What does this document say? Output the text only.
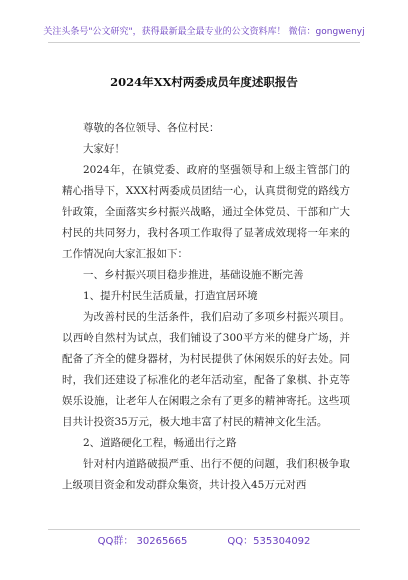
关注头条号"公文研究"，获得最新最全最专业的公文资料库！ 微信：gongwenyj
2024年XX村两委成员年度述职报告

尊敬的各位领导、各位村民：

大家好！

2024年，在镇党委、政府的坚强领导和上级主管部门的精心指导下，XXX村两委成员团结一心，认真贯彻党的路线方针政策，全面落实乡村振兴战略，通过全体党员、干部和广大村民的共同努力，我村各项工作取得了显著成效现将一年来的工作情况向大家汇报如下：

一、乡村振兴项目稳步推进，基础设施不断完善

1、提升村民生活质量，打造宜居环境

为改善村民的生活条件，我们启动了多项乡村振兴项目。以西岭自然村为试点，我们铺设了300平方米的健身广场，并配备了齐全的健身器材，为村民提供了休闲娱乐的好去处。同时，我们还建设了标准化的老年活动室，配备了象棋、扑克等娱乐设施，让老年人在闲暇之余有了更多的精神寄托。这些项目共计投资35万元，极大地丰富了村民的精神文化生活。

2、道路硬化工程，畅通出行之路

针对村内道路破损严重、出行不便的问题，我们积极争取上级项目资金和发动群众集资，共计投入45万元对西

QQ群： 30265665	QQ：535304092
